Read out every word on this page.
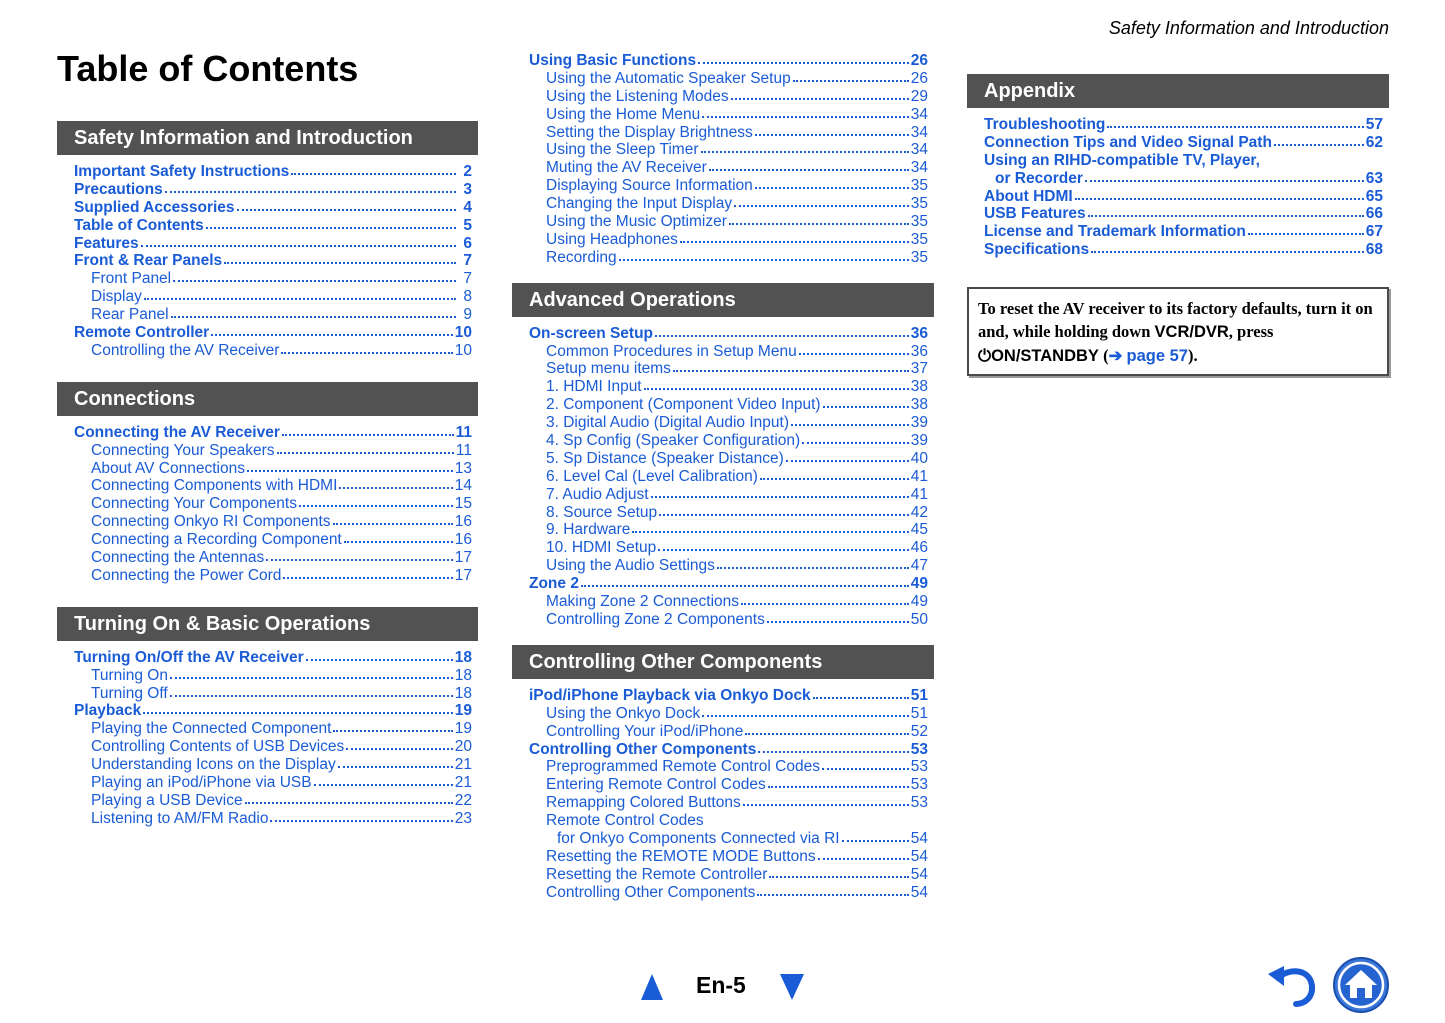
Safety Information and Introduction
Table of Contents
Safety Information and Introduction
Important Safety Instructions	2
Precautions	3
Supplied Accessories	4
Table of Contents	5
Features	6
Front & Rear Panels	7
Front Panel	7
Display	8
Rear Panel	9
Remote Controller	10
Controlling the AV Receiver	10
Connections
Connecting the AV Receiver	11
Connecting Your Speakers	11
About AV Connections	13
Connecting Components with HDMI	14
Connecting Your Components	15
Connecting Onkyo RI Components	16
Connecting a Recording Component	16
Connecting the Antennas	17
Connecting the Power Cord	17
Turning On & Basic Operations
Turning On/Off the AV Receiver	18
Turning On	18
Turning Off	18
Playback	19
Playing the Connected Component	19
Controlling Contents of USB Devices	20
Understanding Icons on the Display	21
Playing an iPod/iPhone via USB	21
Playing a USB Device	22
Listening to AM/FM Radio	23
Using Basic Functions	26
Using the Automatic Speaker Setup	26
Using the Listening Modes	29
Using the Home Menu	34
Setting the Display Brightness	34
Using the Sleep Timer	34
Muting the AV Receiver	34
Displaying Source Information	35
Changing the Input Display	35
Using the Music Optimizer	35
Using Headphones	35
Recording	35
Advanced Operations
On-screen Setup	36
Common Procedures in Setup Menu	36
Setup menu items	37
1. HDMI Input	38
2. Component (Component Video Input)	38
3. Digital Audio (Digital Audio Input)	39
4. Sp Config (Speaker Configuration)	39
5. Sp Distance (Speaker Distance)	40
6. Level Cal (Level Calibration)	41
7. Audio Adjust	41
8. Source Setup	42
9. Hardware	45
10. HDMI Setup	46
Using the Audio Settings	47
Zone 2	49
Making Zone 2 Connections	49
Controlling Zone 2 Components	50
Controlling Other Components
iPod/iPhone Playback via Onkyo Dock	51
Using the Onkyo Dock	51
Controlling Your iPod/iPhone	52
Controlling Other Components	53
Preprogrammed Remote Control Codes	53
Entering Remote Control Codes	53
Remapping Colored Buttons	53
Remote Control Codes
for Onkyo Components Connected via RI	54
Resetting the REMOTE MODE Buttons	54
Resetting the Remote Controller	54
Controlling Other Components	54
Appendix
Troubleshooting	57
Connection Tips and Video Signal Path	62
Using an RIHD-compatible TV, Player,
or Recorder	63
About HDMI	65
USB Features	66
License and Trademark Information	67
Specifications	68
To reset the AV receiver to its factory defaults, turn it on and, while holding down VCR/DVR, press
⏻ON/STANDBY (➔ page 57).
En-5
